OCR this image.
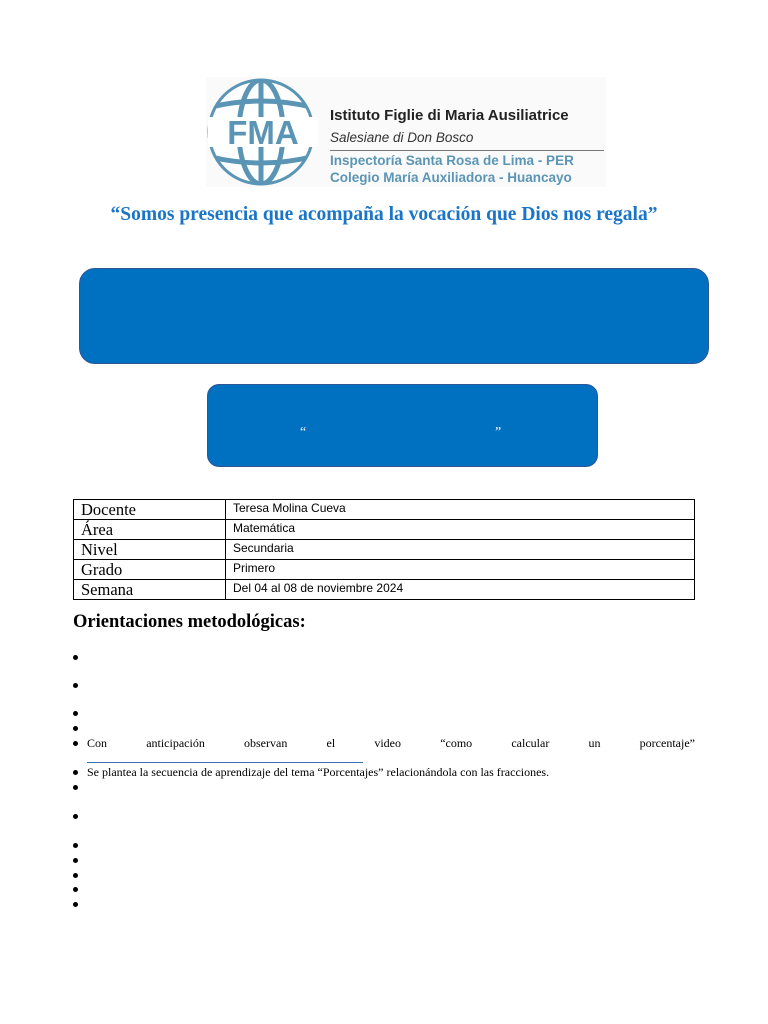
FMA Istituto Figlie di Maria Ausiliatrice
Salesiane di Don Bosco
Inspectoría Santa Rosa de Lima - PER
Colegio María Auxiliadora - Huancayo
“Somos presencia que acompaña la vocación que Dios nos regala”
“	”
Docente	Teresa Molina Cueva
Área	Matemática
Nivel	Secundaria
Grado	Primero
Semana	Del 04 al 08 de noviembre 2024
Orientaciones metodológicas:
Con	anticipación	observan	el	video	“como	calcular	un	porcentaje”
Se plantea la secuencia de aprendizaje del tema “Porcentajes” relacionándola con las fracciones.
